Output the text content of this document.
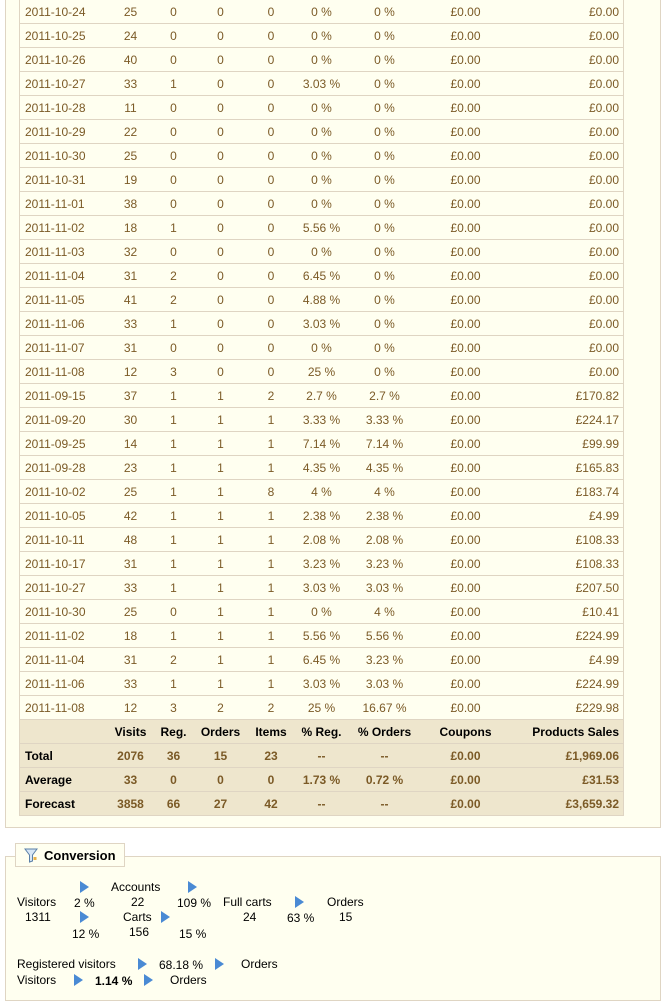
2011-10-24	25	0	0	0	0 %	0 %	£0.00	£0.00
2011-10-25	24	0	0	0	0 %	0 %	£0.00	£0.00
2011-10-26	40	0	0	0	0 %	0 %	£0.00	£0.00
2011-10-27	33	1	0	0	3.03 %	0 %	£0.00	£0.00
2011-10-28	11	0	0	0	0 %	0 %	£0.00	£0.00
2011-10-29	22	0	0	0	0 %	0 %	£0.00	£0.00
2011-10-30	25	0	0	0	0 %	0 %	£0.00	£0.00
2011-10-31	19	0	0	0	0 %	0 %	£0.00	£0.00
2011-11-01	38	0	0	0	0 %	0 %	£0.00	£0.00
2011-11-02	18	1	0	0	5.56 %	0 %	£0.00	£0.00
2011-11-03	32	0	0	0	0 %	0 %	£0.00	£0.00
2011-11-04	31	2	0	0	6.45 %	0 %	£0.00	£0.00
2011-11-05	41	2	0	0	4.88 %	0 %	£0.00	£0.00
2011-11-06	33	1	0	0	3.03 %	0 %	£0.00	£0.00
2011-11-07	31	0	0	0	0 %	0 %	£0.00	£0.00
2011-11-08	12	3	0	0	25 %	0 %	£0.00	£0.00
2011-09-15	37	1	1	2	2.7 %	2.7 %	£0.00	£170.82
2011-09-20	30	1	1	1	3.33 %	3.33 %	£0.00	£224.17
2011-09-25	14	1	1	1	7.14 %	7.14 %	£0.00	£99.99
2011-09-28	23	1	1	1	4.35 %	4.35 %	£0.00	£165.83
2011-10-02	25	1	1	8	4 %	4 %	£0.00	£183.74
2011-10-05	42	1	1	1	2.38 %	2.38 %	£0.00	£4.99
2011-10-11	48	1	1	1	2.08 %	2.08 %	£0.00	£108.33
2011-10-17	31	1	1	1	3.23 %	3.23 %	£0.00	£108.33
2011-10-27	33	1	1	1	3.03 %	3.03 %	£0.00	£207.50
2011-10-30	25	0	1	1	0 %	4 %	£0.00	£10.41
2011-11-02	18	1	1	1	5.56 %	5.56 %	£0.00	£224.99
2011-11-04	31	2	1	1	6.45 %	3.23 %	£0.00	£4.99
2011-11-06	33	1	1	1	3.03 %	3.03 %	£0.00	£224.99
2011-11-08	12	3	2	2	25 %	16.67 %	£0.00	£229.98
	Visits	Reg.	Orders	Items	% Reg.	% Orders	Coupons	Products Sales
Total	2076	36	15	23	--	--	£0.00	£1,969.06
Average	33	0	0	0	1.73 %	0.72 %	£0.00	£31.53
Forecast	3858	66	27	42	--	--	£0.00	£3,659.32
Conversion
Visitors
1311
2 %
12 %
Accounts
22
Carts
156
109 %
15 %
Full carts
24	63 %
Orders
15
Registered visitors	68.18 %	Orders
Visitors	1.14 %	Orders
